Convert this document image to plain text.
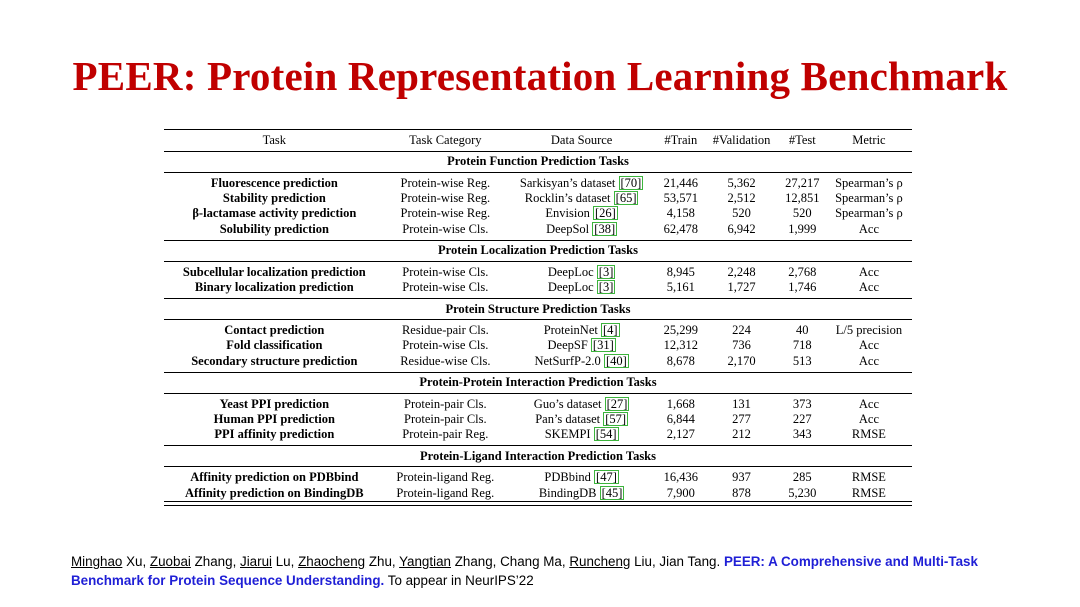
PEER: Protein Representation Learning Benchmark
Task	Task Category	Data Source	#Train	#Validation	#Test	Metric
Protein Function Prediction Tasks						

Fluorescence prediction	Protein-wise Reg.	Sarkisyan’s dataset [70]	21,446	5,362	27,217	Spearman’s ρ
Stability prediction	Protein-wise Reg.	Rocklin’s dataset [65]	53,571	2,512	12,851	Spearman’s ρ
β-lactamase activity prediction	Protein-wise Reg.	Envision [26]	4,158	520	520	Spearman’s ρ
Solubility prediction	Protein-wise Cls.	DeepSol [38]	62,478	6,942	1,999	Acc

Protein Localization Prediction Tasks						

Subcellular localization prediction	Protein-wise Cls.	DeepLoc [3]	8,945	2,248	2,768	Acc
Binary localization prediction	Protein-wise Cls.	DeepLoc [3]	5,161	1,727	1,746	Acc

Protein Structure Prediction Tasks						

Contact prediction	Residue-pair Cls.	ProteinNet [4]	25,299	224	40	L/5 precision
Fold classification	Protein-wise Cls.	DeepSF [31]	12,312	736	718	Acc
Secondary structure prediction	Residue-wise Cls.	NetSurfP-2.0 [40]	8,678	2,170	513	Acc

Protein-Protein Interaction Prediction Tasks						

Yeast PPI prediction	Protein-pair Cls.	Guo’s dataset [27]	1,668	131	373	Acc
Human PPI prediction	Protein-pair Cls.	Pan’s dataset [57]	6,844	277	227	Acc
PPI affinity prediction	Protein-pair Reg.	SKEMPI [54]	2,127	212	343	RMSE

Protein-Ligand Interaction Prediction Tasks						

Affinity prediction on PDBbind	Protein-ligand Reg.	PDBbind [47]	16,436	937	285	RMSE
Affinity prediction on BindingDB	Protein-ligand Reg.	BindingDB [45]	7,900	878	5,230	RMSE

Minghao Xu, Zuobai Zhang, Jiarui Lu, Zhaocheng Zhu, Yangtian Zhang, Chang Ma, Runcheng Liu, Jian Tang. PEER: A Comprehensive and Multi-Task Benchmark for Protein Sequence Understanding. To appear in NeurIPS’22
